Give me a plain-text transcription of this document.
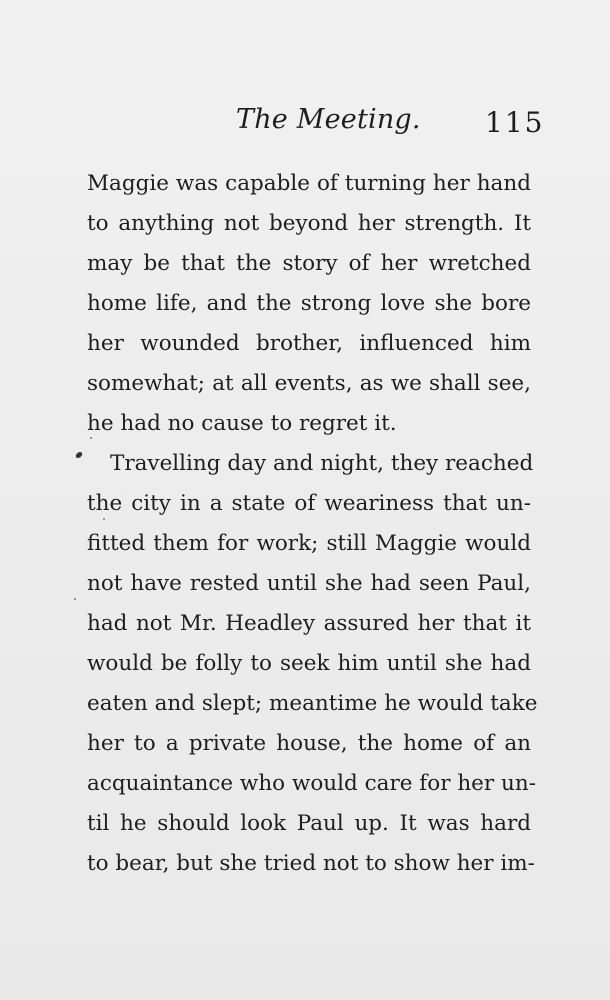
The Meeting. 115
Maggie was capable of turning her hand
to anything not beyond her strength. It
may be that the story of her wretched
home life, and the strong love she bore
her wounded brother, influenced him
somewhat; at all events, as we shall see,
he had no cause to regret it.
Travelling day and night, they reached
the city in a state of weariness that un-
fitted them for work; still Maggie would
not have rested until she had seen Paul,
had not Mr. Headley assured her that it
would be folly to seek him until she had
eaten and slept; meantime he would take
her to a private house, the home of an
acquaintance who would care for her un-
til he should look Paul up. It was hard
to bear, but she tried not to show her im-
